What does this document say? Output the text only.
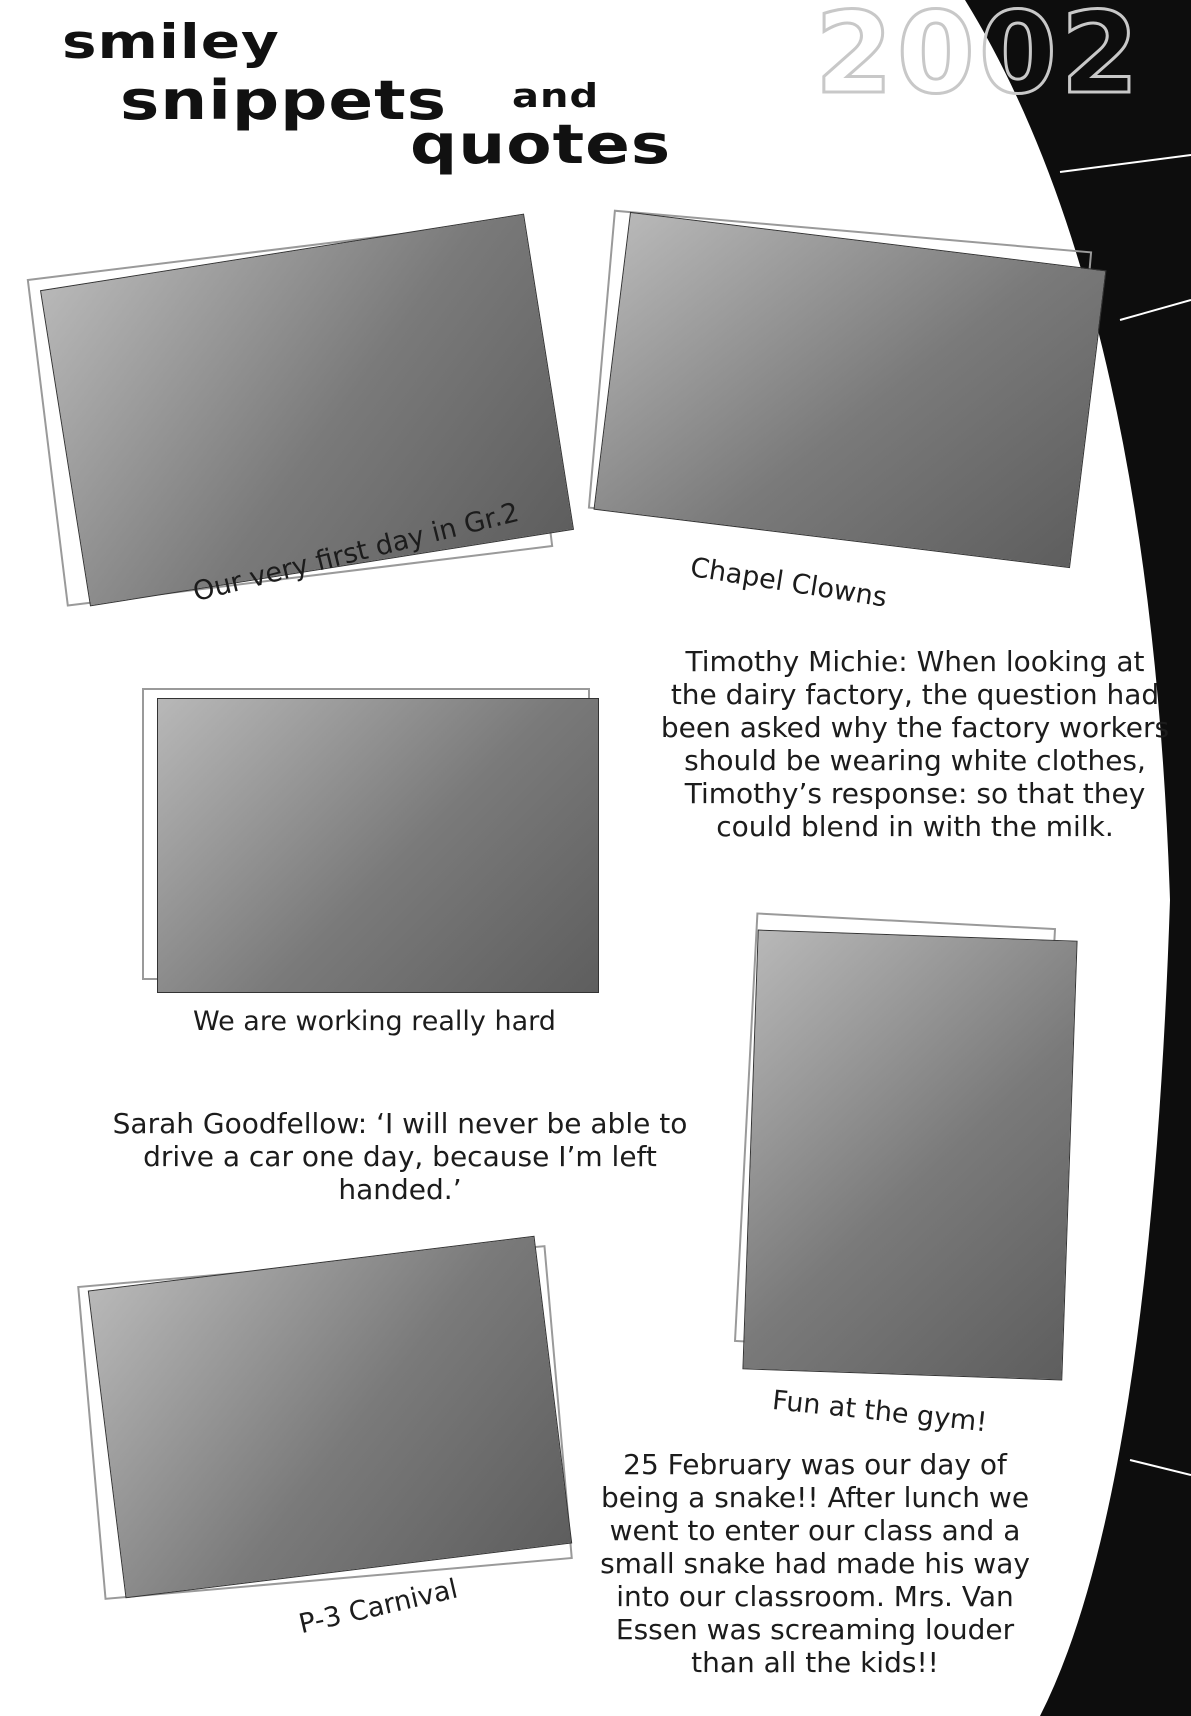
2002
smiley
snippets and
quotes
Our very first day in Gr.2	Chapel Clowns
Timothy Michie: When looking at the dairy factory, the question had been asked why the factory workers should be wearing white clothes, Timothy’s response: so that they could blend in with the milk.
We are working really hard
Sarah Goodfellow: ‘I will never be able to drive a car one day, because I’m left handed.’
Fun at the gym!
P-3 Carnival
25 February was our day of being a snake!! After lunch we went to enter our class and a small snake had made his way into our classroom. Mrs. Van Essen was screaming louder than all the kids!!
